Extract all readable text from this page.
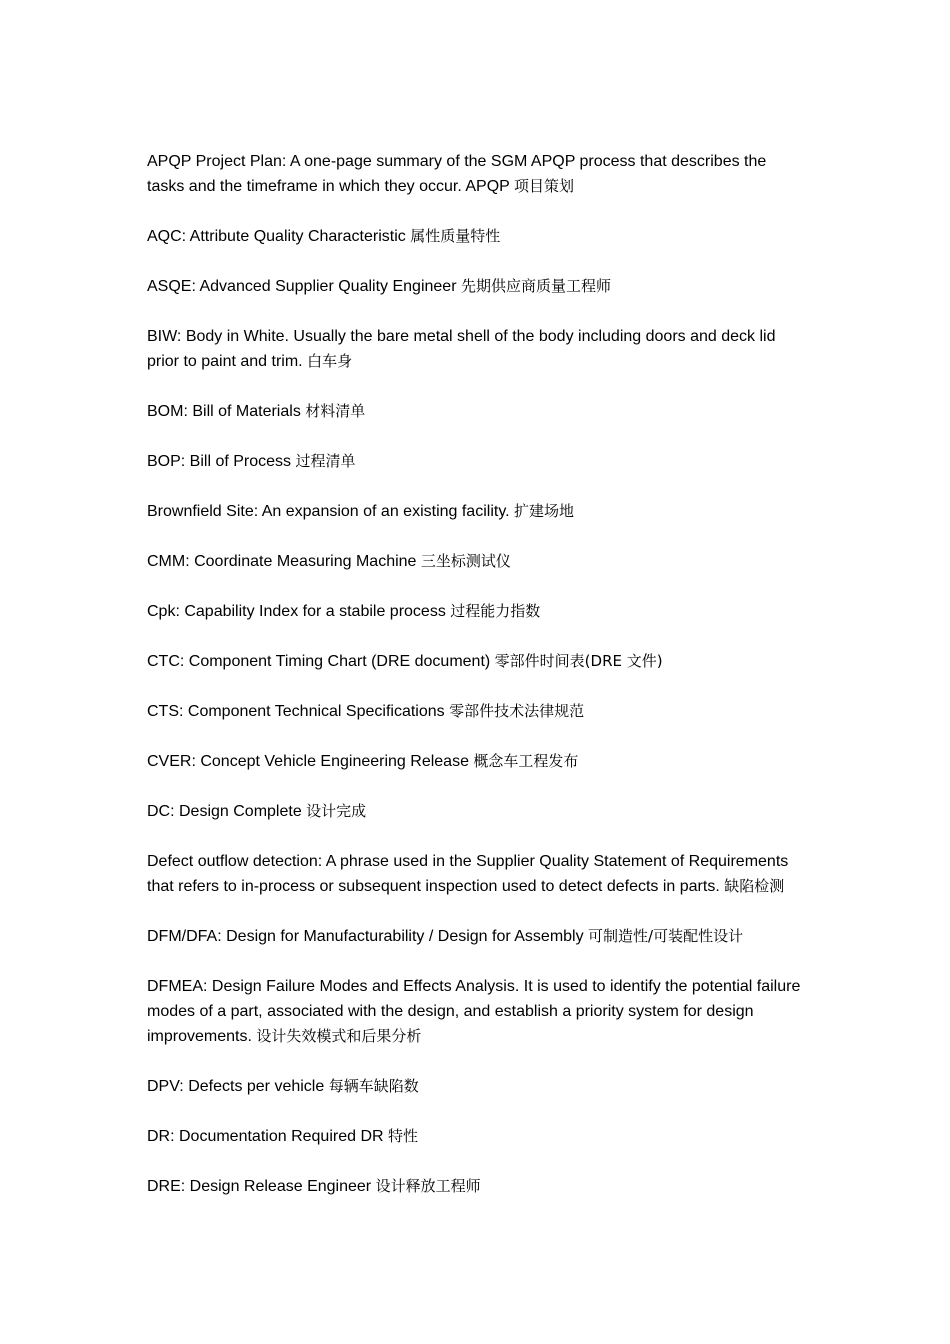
APQP Project Plan: A one-page summary of the SGM APQP process that describes the tasks and the timeframe in which they occur. APQP 项目策划

AQC: Attribute Quality Characteristic 属性质量特性

ASQE: Advanced Supplier Quality Engineer 先期供应商质量工程师

BIW: Body in White. Usually the bare metal shell of the body including doors and deck lid prior to paint and trim. 白车身

BOM: Bill of Materials 材料清单

BOP: Bill of Process 过程清单

Brownfield Site: An expansion of an existing facility. 扩建场地

CMM: Coordinate Measuring Machine 三坐标测试仪

Cpk: Capability Index for a stabile process 过程能力指数

CTC: Component Timing Chart (DRE document) 零部件时间表(DRE 文件)

CTS: Component Technical Specifications 零部件技术法律规范

CVER: Concept Vehicle Engineering Release 概念车工程发布

DC: Design Complete 设计完成

Defect outflow detection: A phrase used in the Supplier Quality Statement of Requirements that refers to in-process or subsequent inspection used to detect defects in parts. 缺陷检测

DFM/DFA: Design for Manufacturability / Design for Assembly 可制造性/可装配性设计

DFMEA: Design Failure Modes and Effects Analysis. It is used to identify the potential failure modes of a part, associated with the design, and establish a priority system for design improvements. 设计失效模式和后果分析

DPV: Defects per vehicle 每辆车缺陷数

DR: Documentation Required DR 特性

DRE: Design Release Engineer 设计释放工程师
